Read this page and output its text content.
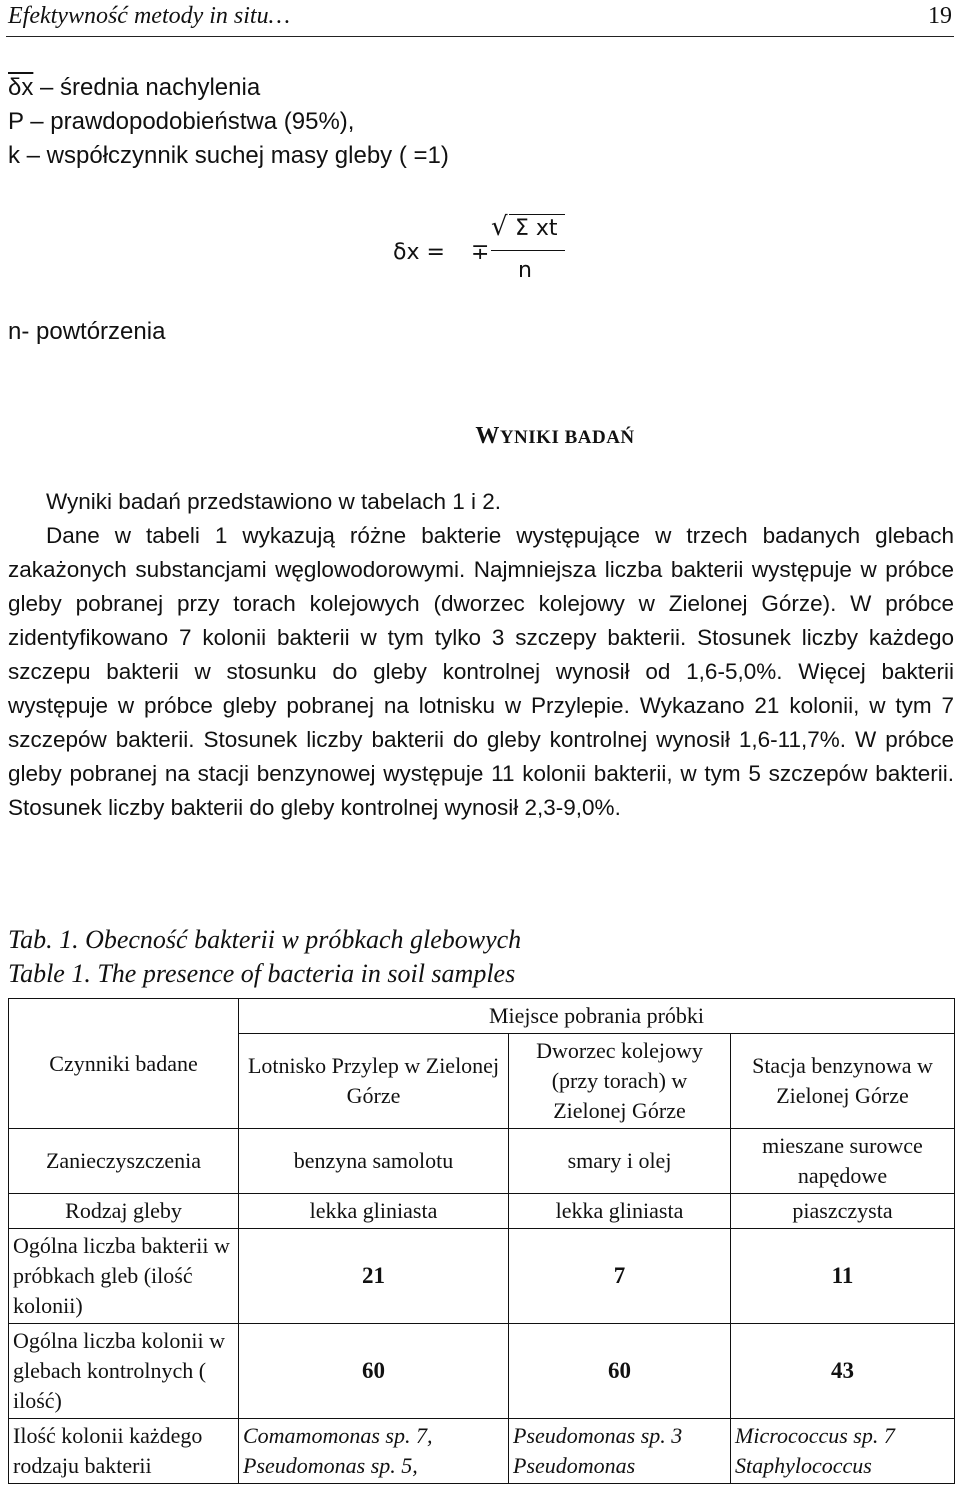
Efektywność metody in situ…	19
$\overline{\delta x}$ – średnia nachylenia
P – prawdopodobieństwa (95%),
k – współczynnik suchej masy gleby ( =1)
δx = ∓
√ Σ xt
n
n- powtórzenia
WYNIKI BADAŃ

Wyniki badań przedstawiono w tabelach 1 i 2.

Dane w tabeli 1 wykazują różne bakterie występujące w trzech badanych glebach zakażonych substancjami węglowodorowymi. Najmniejsza liczba bakterii występuje w próbce gleby pobranej przy torach kolejowych (dworzec kolejowy w Zielonej Górze). W próbce zidentyfikowano 7 kolonii bakterii w tym tylko 3 szczepy bakterii. Stosunek liczby każdego szczepu bakterii w stosunku do gleby kontrolnej wynosił od 1,6-5,0%. Więcej bakterii występuje w próbce gleby pobranej na lotnisku w Przylepie. Wykazano 21 kolonii, w tym 7 szczepów bakterii. Stosunek liczby bakterii do gleby kontrolnej wynosił 1,6-11,7%. W próbce gleby pobranej na stacji benzynowej występuje 11 kolonii bakterii, w tym 5 szczepów bakterii. Stosunek liczby bakterii do gleby kontrolnej wynosił 2,3-9,0%.

Tab. 1. Obecność bakterii w próbkach glebowych
Table 1. The presence of bacteria in soil samples
Czynniki badane	Miejsce pobrania próbki		
	Lotnisko Przylep w Zielonej Górze	Dworzec kolejowy (przy torach) w Zielonej Górze	Stacja benzynowa w Zielonej Górze
Zanieczyszczenia	benzyna samolotu	smary i olej	mieszane surowce napędowe
Rodzaj gleby	lekka gliniasta	lekka gliniasta	piaszczysta
Ogólna liczba bakterii w próbkach gleb (ilość kolonii)	21	7	11
Ogólna liczba kolonii w glebach kontrolnych ( ilość)	60	60	43
Ilość kolonii każdego rodzaju bakterii	Comamomonas sp. 7, Pseudomonas sp. 5,	Pseudomonas sp. 3 Pseudomonas	Micrococcus sp. 7 Staphylococcus
